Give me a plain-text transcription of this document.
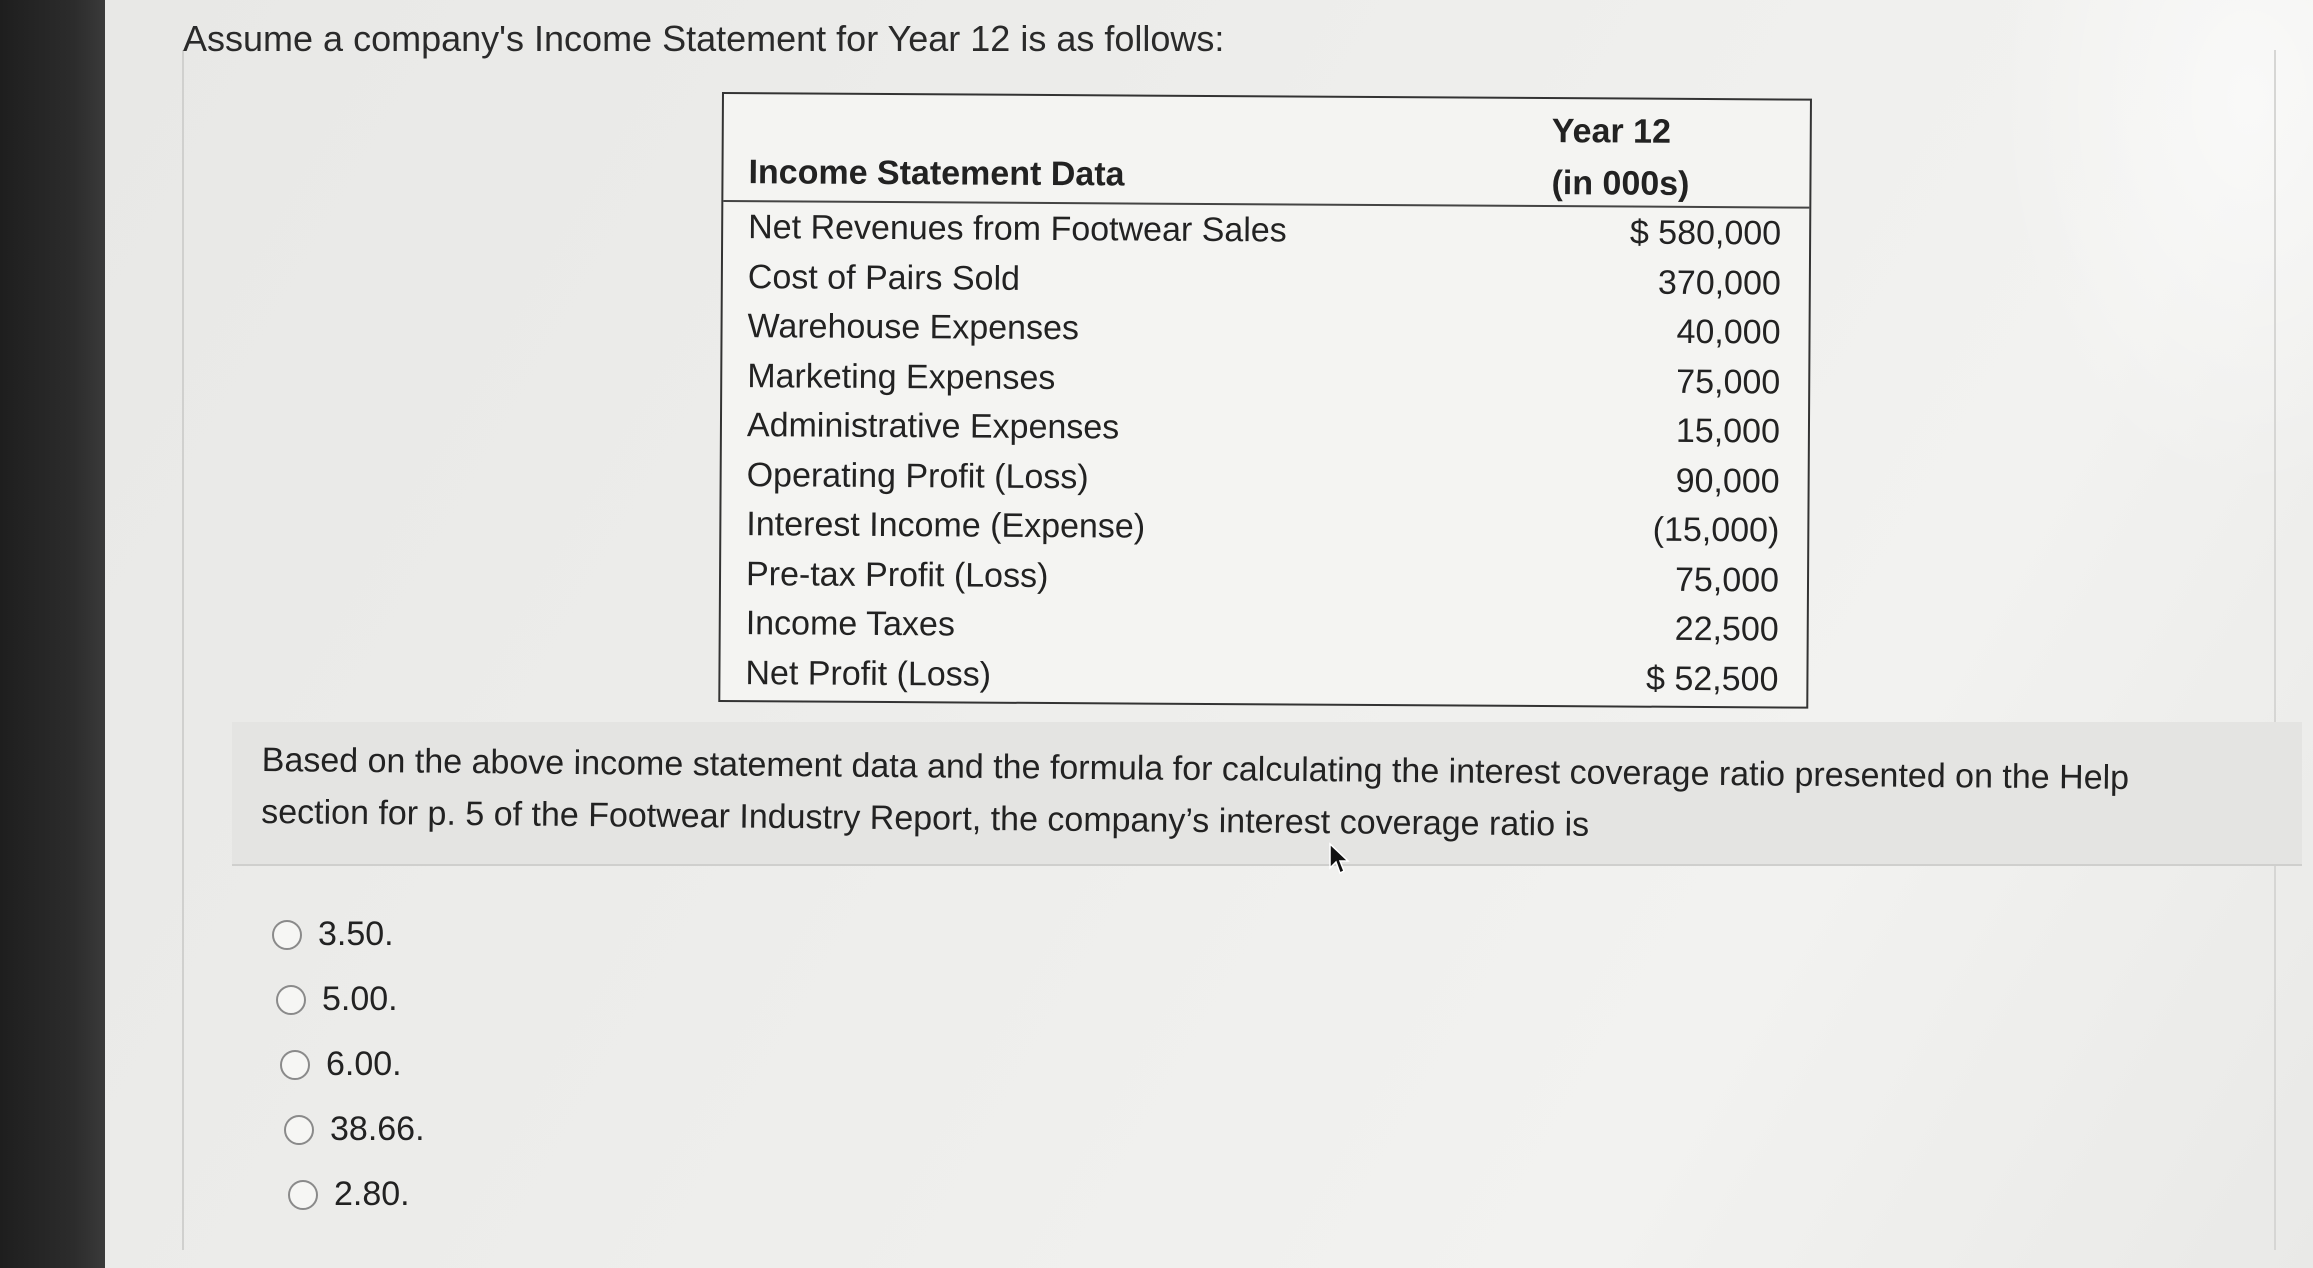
Assume a company's Income Statement for Year 12 is as follows:
Income Statement Data
Year 12
(in 000s)
Net Revenues from Footwear Sales	$ 580,000
Cost of Pairs Sold	370,000
Warehouse Expenses	40,000
Marketing Expenses	75,000
Administrative Expenses	15,000
Operating Profit (Loss)	90,000
Interest Income (Expense)	(15,000)
Pre-tax Profit (Loss)	75,000
Income Taxes	22,500
Net Profit (Loss)	$ 52,500
Based on the above income statement data and the formula for calculating the interest coverage ratio presented on the Help section for p. 5 of the Footwear Industry Report, the company’s interest coverage ratio is
3.50.
5.00.
6.00.
38.66.
2.80.
